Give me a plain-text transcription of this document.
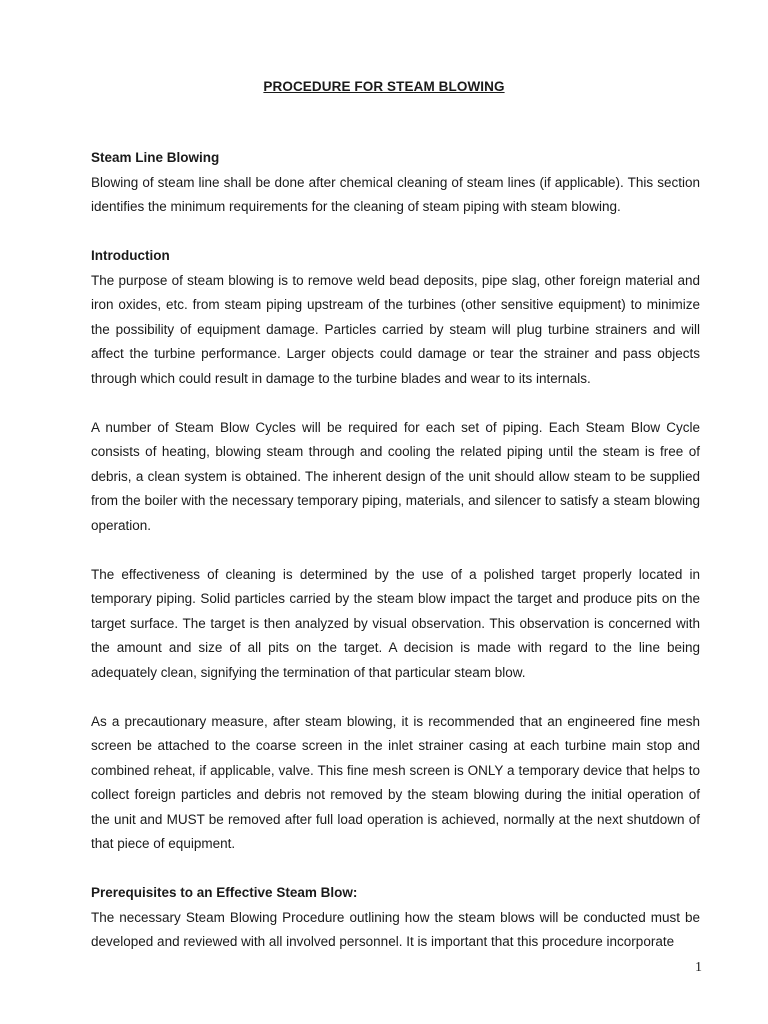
PROCEDURE FOR STEAM BLOWING

Steam Line Blowing

Blowing of steam line shall be done after chemical cleaning of steam lines (if applicable). This section identifies the minimum requirements for the cleaning of steam piping with steam blowing.

Introduction

The purpose of steam blowing is to remove weld bead deposits, pipe slag, other foreign material and iron oxides, etc. from steam piping upstream of the turbines (other sensitive equipment) to minimize the possibility of equipment damage. Particles carried by steam will plug turbine strainers and will affect the turbine performance. Larger objects could damage or tear the strainer and pass objects through which could result in damage to the turbine blades and wear to its internals.

A number of Steam Blow Cycles will be required for each set of piping. Each Steam Blow Cycle consists of heating, blowing steam through and cooling the related piping until the steam is free of debris, a clean system is obtained. The inherent design of the unit should allow steam to be supplied from the boiler with the necessary temporary piping, materials, and silencer to satisfy a steam blowing operation.

The effectiveness of cleaning is determined by the use of a polished target properly located in temporary piping. Solid particles carried by the steam blow impact the target and produce pits on the target surface. The target is then analyzed by visual observation. This observation is concerned with the amount and size of all pits on the target. A decision is made with regard to the line being adequately clean, signifying the termination of that particular steam blow.

As a precautionary measure, after steam blowing, it is recommended that an engineered fine mesh screen be attached to the coarse screen in the inlet strainer casing at each turbine main stop and combined reheat, if applicable, valve. This fine mesh screen is ONLY a temporary device that helps to collect foreign particles and debris not removed by the steam blowing during the initial operation of the unit and MUST be removed after full load operation is achieved, normally at the next shutdown of that piece of equipment.

Prerequisites to an Effective Steam Blow:

The necessary Steam Blowing Procedure outlining how the steam blows will be conducted must be developed and reviewed with all involved personnel. It is important that this procedure incorporate

1
